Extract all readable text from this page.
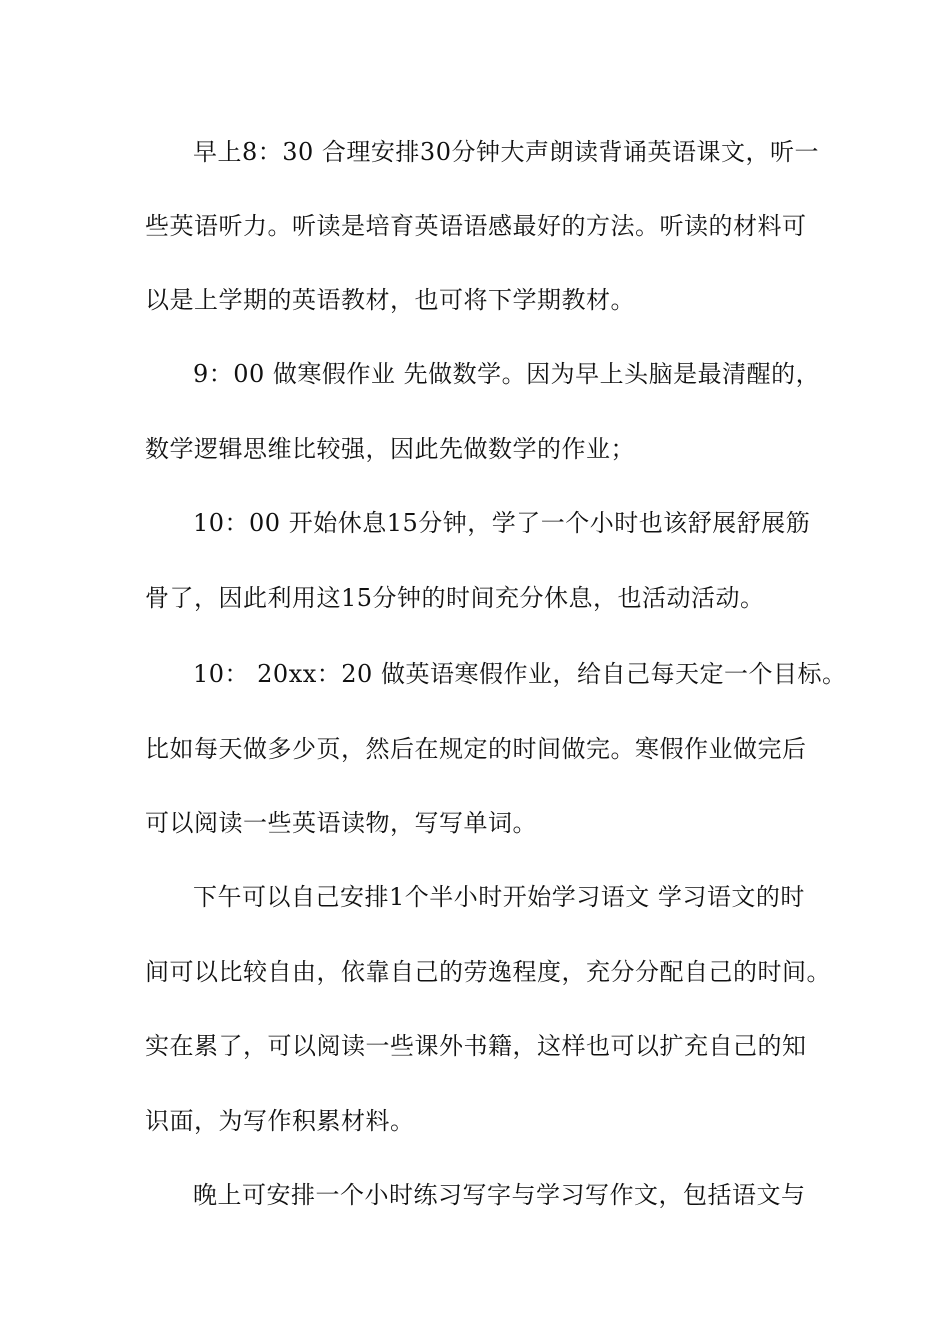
早上8：30 合理安排30分钟大声朗读背诵英语课文，听一
些英语听力。听读是培育英语语感最好的方法。听读的材料可
以是上学期的英语教材，也可将下学期教材。
9：00 做寒假作业 先做数学。因为早上头脑是最清醒的，
数学逻辑思维比较强，因此先做数学的作业；
10：00 开始休息15分钟，学了一个小时也该舒展舒展筋
骨了，因此利用这15分钟的时间充分休息，也活动活动。
10： 20xx：20 做英语寒假作业，给自己每天定一个目标。
比如每天做多少页，然后在规定的时间做完。寒假作业做完后
可以阅读一些英语读物，写写单词。
下午可以自己安排1个半小时开始学习语文 学习语文的时
间可以比较自由，依靠自己的劳逸程度，充分分配自己的时间。
实在累了，可以阅读一些课外书籍，这样也可以扩充自己的知
识面，为写作积累材料。
晚上可安排一个小时练习写字与学习写作文，包括语文与
